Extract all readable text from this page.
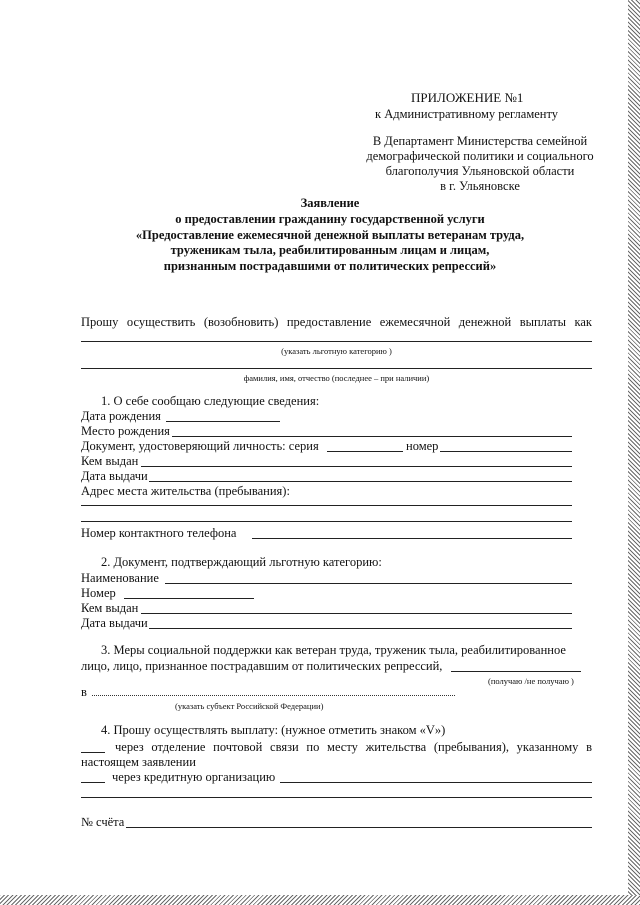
ПРИЛОЖЕНИЕ №1
к Административному регламенту
В Департамент Министерства семейной
демографической политики и социального
благополучия Ульяновской области
в г. Ульяновске
Заявление
о предоставлении гражданину государственной услуги
«Предоставление ежемесячной денежной выплаты ветеранам труда,
труженикам тыла, реабилитированным лицам и лицам,
признанным пострадавшими от политических репрессий»
Прошу осуществить (возобновить) предоставление ежемесячной денежной выплаты как
(указать льготную категорию )
фамилия, имя, отчество (последнее – при наличии)
1. О себе сообщаю следующие сведения:
Дата рождения
Место рождения
Документ, удостоверяющий личность: серия	номер
Кем выдан
Дата выдачи
Адрес места жительства (пребывания):
Номер контактного телефона
2. Документ, подтверждающий льготную категорию:
Наименование
Номер
Кем выдан
Дата выдачи
3. Меры социальной поддержки как ветеран труда, труженик тыла, реабилитированное
лицо, лицо, признанное пострадавшим от политических репрессий,
(получаю /не получаю )
в
(указать субъект Российской Федерации)
4. Прошу осуществлять выплату: (нужное отметить знаком «V»)
через отделение почтовой связи по месту жительства (пребывания), указанному в
настоящем заявлении
через кредитную организацию
№ счёта
